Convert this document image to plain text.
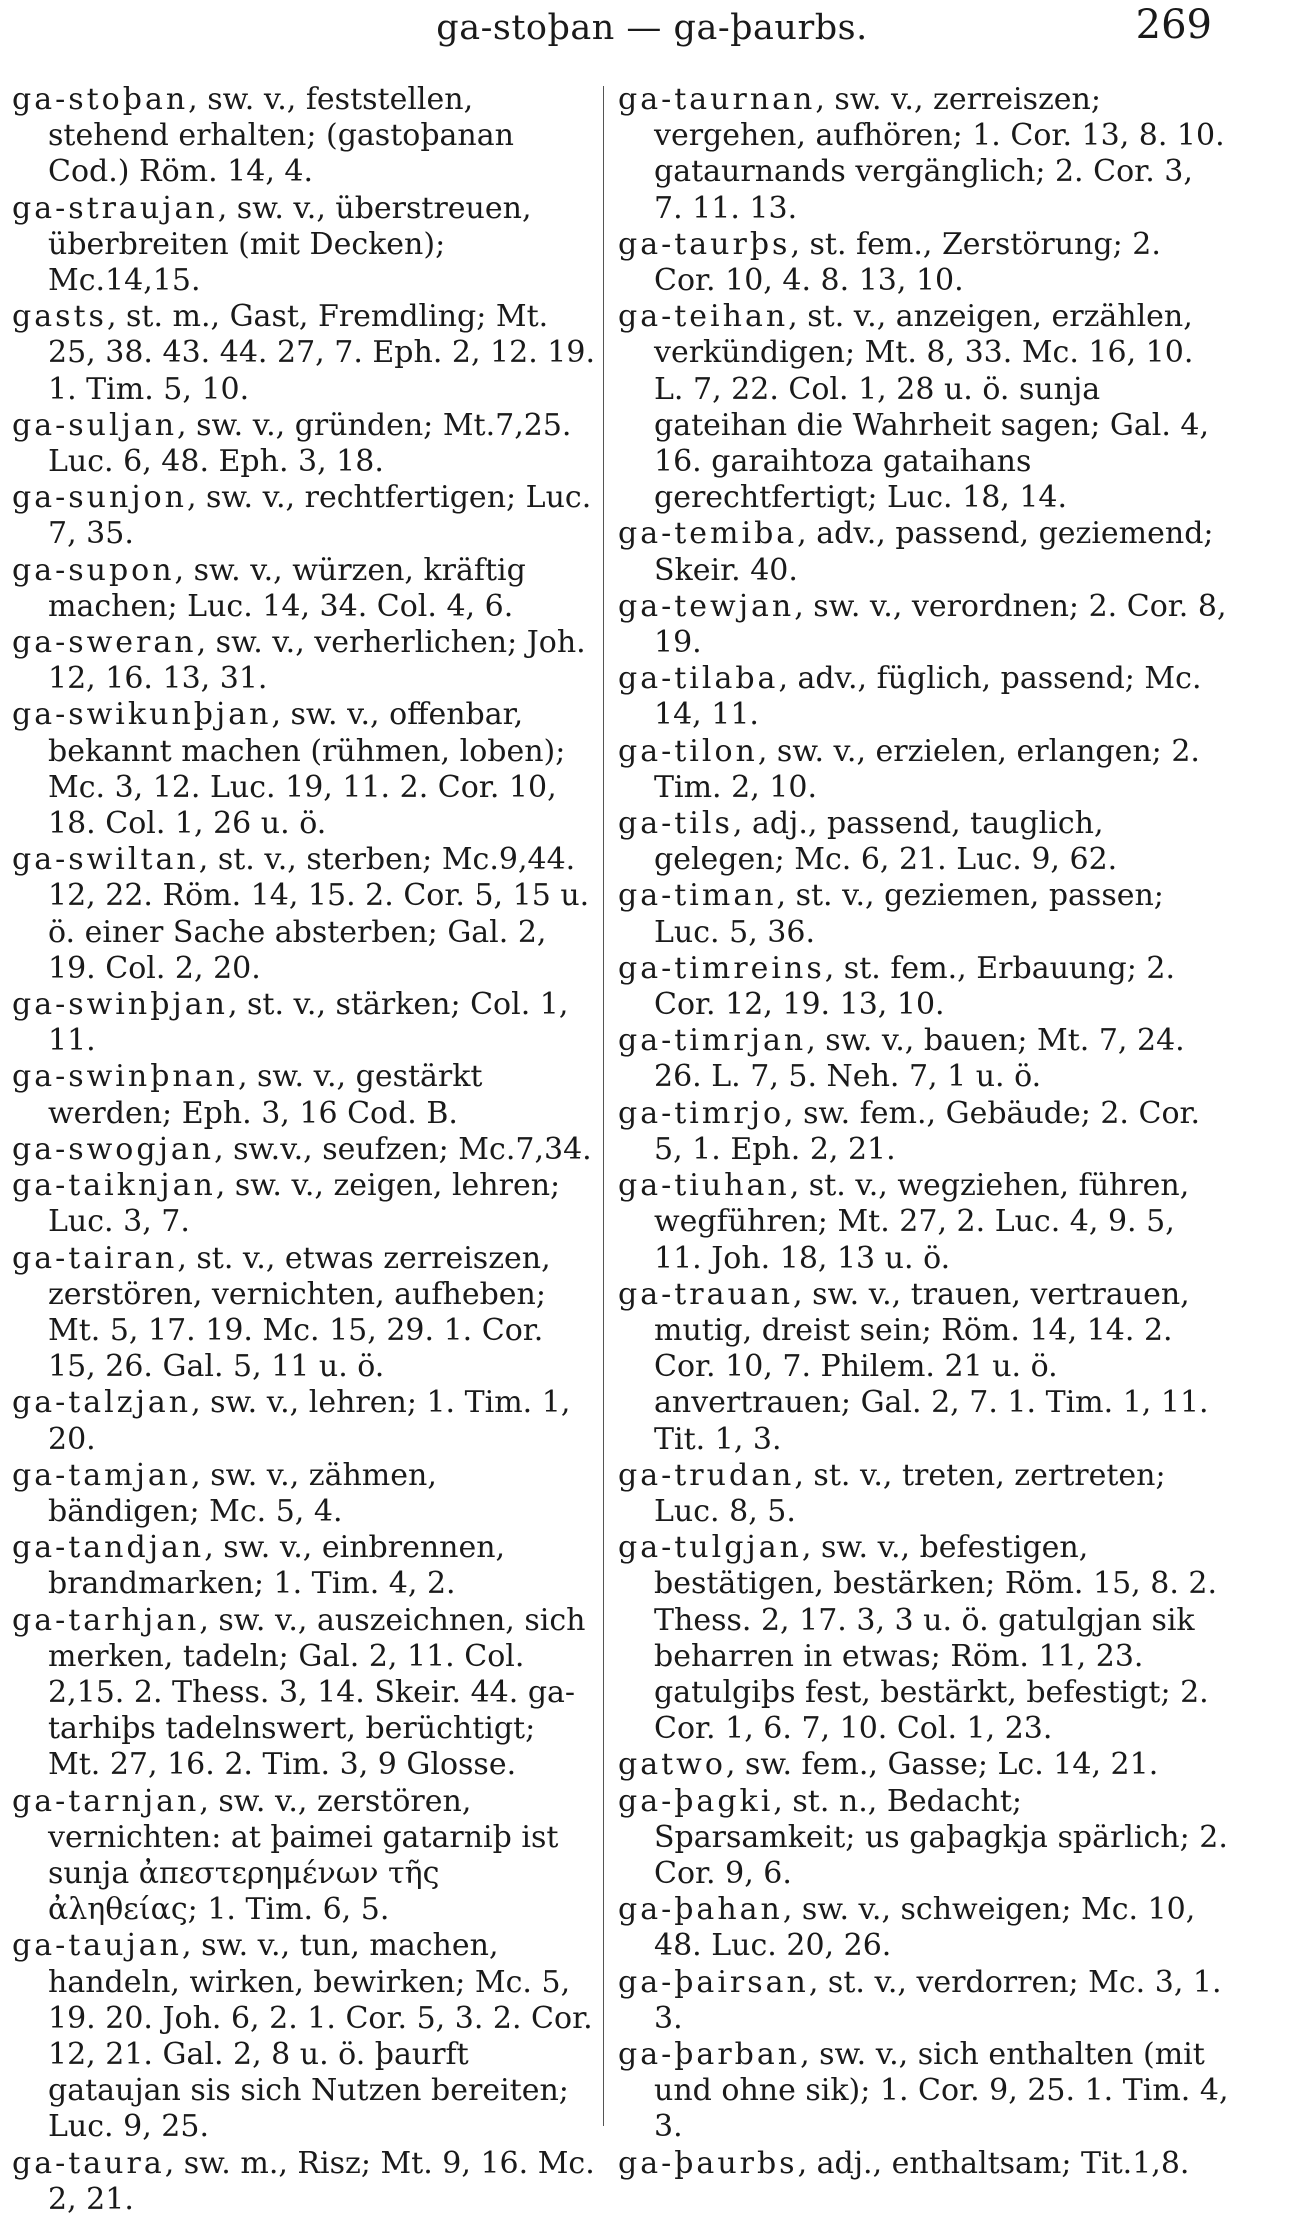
ga-stoþan — ga-þaurbs.	269

ga-stoþan, sw. v., feststellen, stehend erhalten; (gastoþanan Cod.) Röm. 14, 4.

ga-straujan, sw. v., überstreuen, überbreiten (mit Decken); Mc.14,15.

gasts, st. m., Gast, Fremdling; Mt. 25, 38. 43. 44. 27, 7. Eph. 2, 12. 19. 1. Tim. 5, 10.

ga-suljan, sw. v., gründen; Mt.7,25. Luc. 6, 48. Eph. 3, 18.

ga-sunjon, sw. v., rechtfertigen; Luc. 7, 35.

ga-supon, sw. v., würzen, kräftig machen; Luc. 14, 34. Col. 4, 6.

ga-sweran, sw. v., verherlichen; Joh. 12, 16. 13, 31.

ga-swikunþjan, sw. v., offenbar, bekannt machen (rühmen, loben); Mc. 3, 12. Luc. 19, 11. 2. Cor. 10, 18. Col. 1, 26 u. ö.

ga-swiltan, st. v., sterben; Mc.9,44. 12, 22. Röm. 14, 15. 2. Cor. 5, 15 u. ö. einer Sache absterben; Gal. 2, 19. Col. 2, 20.

ga-swinþjan, st. v., stärken; Col. 1, 11.

ga-swinþnan, sw. v., gestärkt werden; Eph. 3, 16 Cod. B.

ga-swogjan, sw.v., seufzen; Mc.7,34.

ga-taiknjan, sw. v., zeigen, lehren; Luc. 3, 7.

ga-tairan, st. v., etwas zerreiszen, zerstören, vernichten, aufheben; Mt. 5, 17. 19. Mc. 15, 29. 1. Cor. 15, 26. Gal. 5, 11 u. ö.

ga-talzjan, sw. v., lehren; 1. Tim. 1, 20.

ga-tamjan, sw. v., zähmen, bändigen; Mc. 5, 4.

ga-tandjan, sw. v., einbrennen, brandmarken; 1. Tim. 4, 2.

ga-tarhjan, sw. v., auszeichnen, sich merken, tadeln; Gal. 2, 11. Col. 2,15. 2. Thess. 3, 14. Skeir. 44. ga-tarhiþs tadelnswert, berüchtigt; Mt. 27, 16. 2. Tim. 3, 9 Glosse.

ga-tarnjan, sw. v., zerstören, vernichten: at þaimei gatarniþ ist sunja ἀπεστερημένων τῆς ἀληθείας; 1. Tim. 6, 5.

ga-taujan, sw. v., tun, machen, handeln, wirken, bewirken; Mc. 5, 19. 20. Joh. 6, 2. 1. Cor. 5, 3. 2. Cor. 12, 21. Gal. 2, 8 u. ö. þaurft gataujan sis sich Nutzen bereiten; Luc. 9, 25.

ga-taura, sw. m., Risz; Mt. 9, 16. Mc. 2, 21.

ga-taurnan, sw. v., zerreiszen; vergehen, aufhören; 1. Cor. 13, 8. 10. gataurnands vergänglich; 2. Cor. 3, 7. 11. 13.

ga-taurþs, st. fem., Zerstörung; 2. Cor. 10, 4. 8. 13, 10.

ga-teihan, st. v., anzeigen, erzählen, verkündigen; Mt. 8, 33. Mc. 16, 10. L. 7, 22. Col. 1, 28 u. ö. sunja gateihan die Wahrheit sagen; Gal. 4, 16. garaihtoza gataihans gerechtfertigt; Luc. 18, 14.

ga-temiba, adv., passend, geziemend; Skeir. 40.

ga-tewjan, sw. v., verordnen; 2. Cor. 8, 19.

ga-tilaba, adv., füglich, passend; Mc. 14, 11.

ga-tilon, sw. v., erzielen, erlangen; 2. Tim. 2, 10.

ga-tils, adj., passend, tauglich, gelegen; Mc. 6, 21. Luc. 9, 62.

ga-timan, st. v., geziemen, passen; Luc. 5, 36.

ga-timreins, st. fem., Erbauung; 2. Cor. 12, 19. 13, 10.

ga-timrjan, sw. v., bauen; Mt. 7, 24. 26. L. 7, 5. Neh. 7, 1 u. ö.

ga-timrjo, sw. fem., Gebäude; 2. Cor. 5, 1. Eph. 2, 21.

ga-tiuhan, st. v., wegziehen, führen, wegführen; Mt. 27, 2. Luc. 4, 9. 5, 11. Joh. 18, 13 u. ö.

ga-trauan, sw. v., trauen, vertrauen, mutig, dreist sein; Röm. 14, 14. 2. Cor. 10, 7. Philem. 21 u. ö. anvertrauen; Gal. 2, 7. 1. Tim. 1, 11. Tit. 1, 3.

ga-trudan, st. v., treten, zertreten; Luc. 8, 5.

ga-tulgjan, sw. v., befestigen, bestätigen, bestärken; Röm. 15, 8. 2. Thess. 2, 17. 3, 3 u. ö. gatulgjan sik beharren in etwas; Röm. 11, 23. gatulgiþs fest, bestärkt, befestigt; 2. Cor. 1, 6. 7, 10. Col. 1, 23.

gatwo, sw. fem., Gasse; Lc. 14, 21.

ga-þagki, st. n., Bedacht; Sparsamkeit; us gaþagkja spärlich; 2. Cor. 9, 6.

ga-þahan, sw. v., schweigen; Mc. 10, 48. Luc. 20, 26.

ga-þairsan, st. v., verdorren; Mc. 3, 1. 3.

ga-þarban, sw. v., sich enthalten (mit und ohne sik); 1. Cor. 9, 25. 1. Tim. 4, 3.

ga-þaurbs, adj., enthaltsam; Tit.1,8.
